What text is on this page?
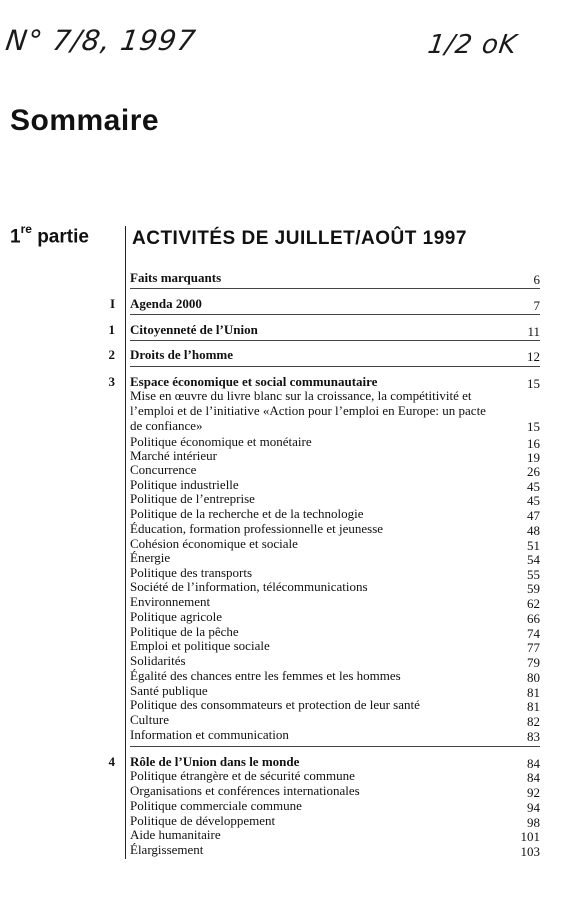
N° 7/8, 1997	1/2 oK
Sommaire
1re partie ACTIVITÉS DE JUILLET/AOÛT 1997
Faits marquants	6
I Agenda 2000	7
1 Citoyenneté de l’Union	11
2 Droits de l’homme	12
3 Espace économique et social communautaire	15
Mise en œuvre du livre blanc sur la croissance, la compétitivité et l’emploi et de l’initiative «Action pour l’emploi en Europe: un pacte de confiance»	15
Politique économique et monétaire	16
Marché intérieur	19
Concurrence	26
Politique industrielle	45
Politique de l’entreprise	45
Politique de la recherche et de la technologie	47
Éducation, formation professionnelle et jeunesse	48
Cohésion économique et sociale	51
Énergie	54
Politique des transports	55
Société de l’information, télécommunications	59
Environnement	62
Politique agricole	66
Politique de la pêche	74
Emploi et politique sociale	77
Solidarités	79
Égalité des chances entre les femmes et les hommes	80
Santé publique	81
Politique des consommateurs et protection de leur santé	81
Culture	82
Information et communication	83
4 Rôle de l’Union dans le monde	84
Politique étrangère et de sécurité commune	84
Organisations et conférences internationales	92
Politique commerciale commune	94
Politique de développement	98
Aide humanitaire	101
Élargissement	103
